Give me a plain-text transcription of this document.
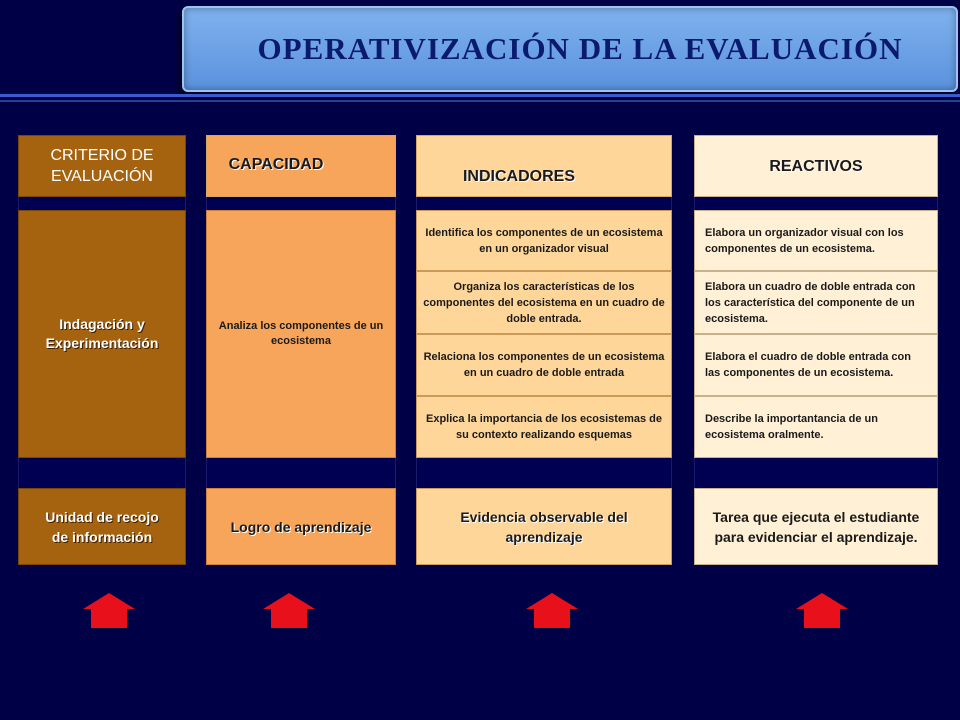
OPERATIVIZACIÓN DE LA EVALUACIÓN
CRITERIO DE EVALUACIÓN
CAPACIDAD
INDICADORES
REACTIVOS
Indagación y Experimentación
Analiza los componentes de un ecosistema
Identifica los componentes de un ecosistema en un organizador visual
Organiza los características de los componentes del ecosistema en un cuadro de doble entrada.
Relaciona los componentes de un ecosistema en un cuadro de doble entrada
Explica la importancia de los ecosistemas de su contexto realizando esquemas
Elabora un organizador visual con los componentes de un ecosistema.
Elabora un cuadro de doble entrada con los característica del componente de un ecosistema.
Elabora el cuadro de doble entrada con las componentes de un ecosistema.
Describe la importantancia de un ecosistema oralmente.
Unidad de recojo de información
Logro de aprendizaje
Evidencia observable del aprendizaje
Tarea que ejecuta el estudiante para evidenciar el aprendizaje.
